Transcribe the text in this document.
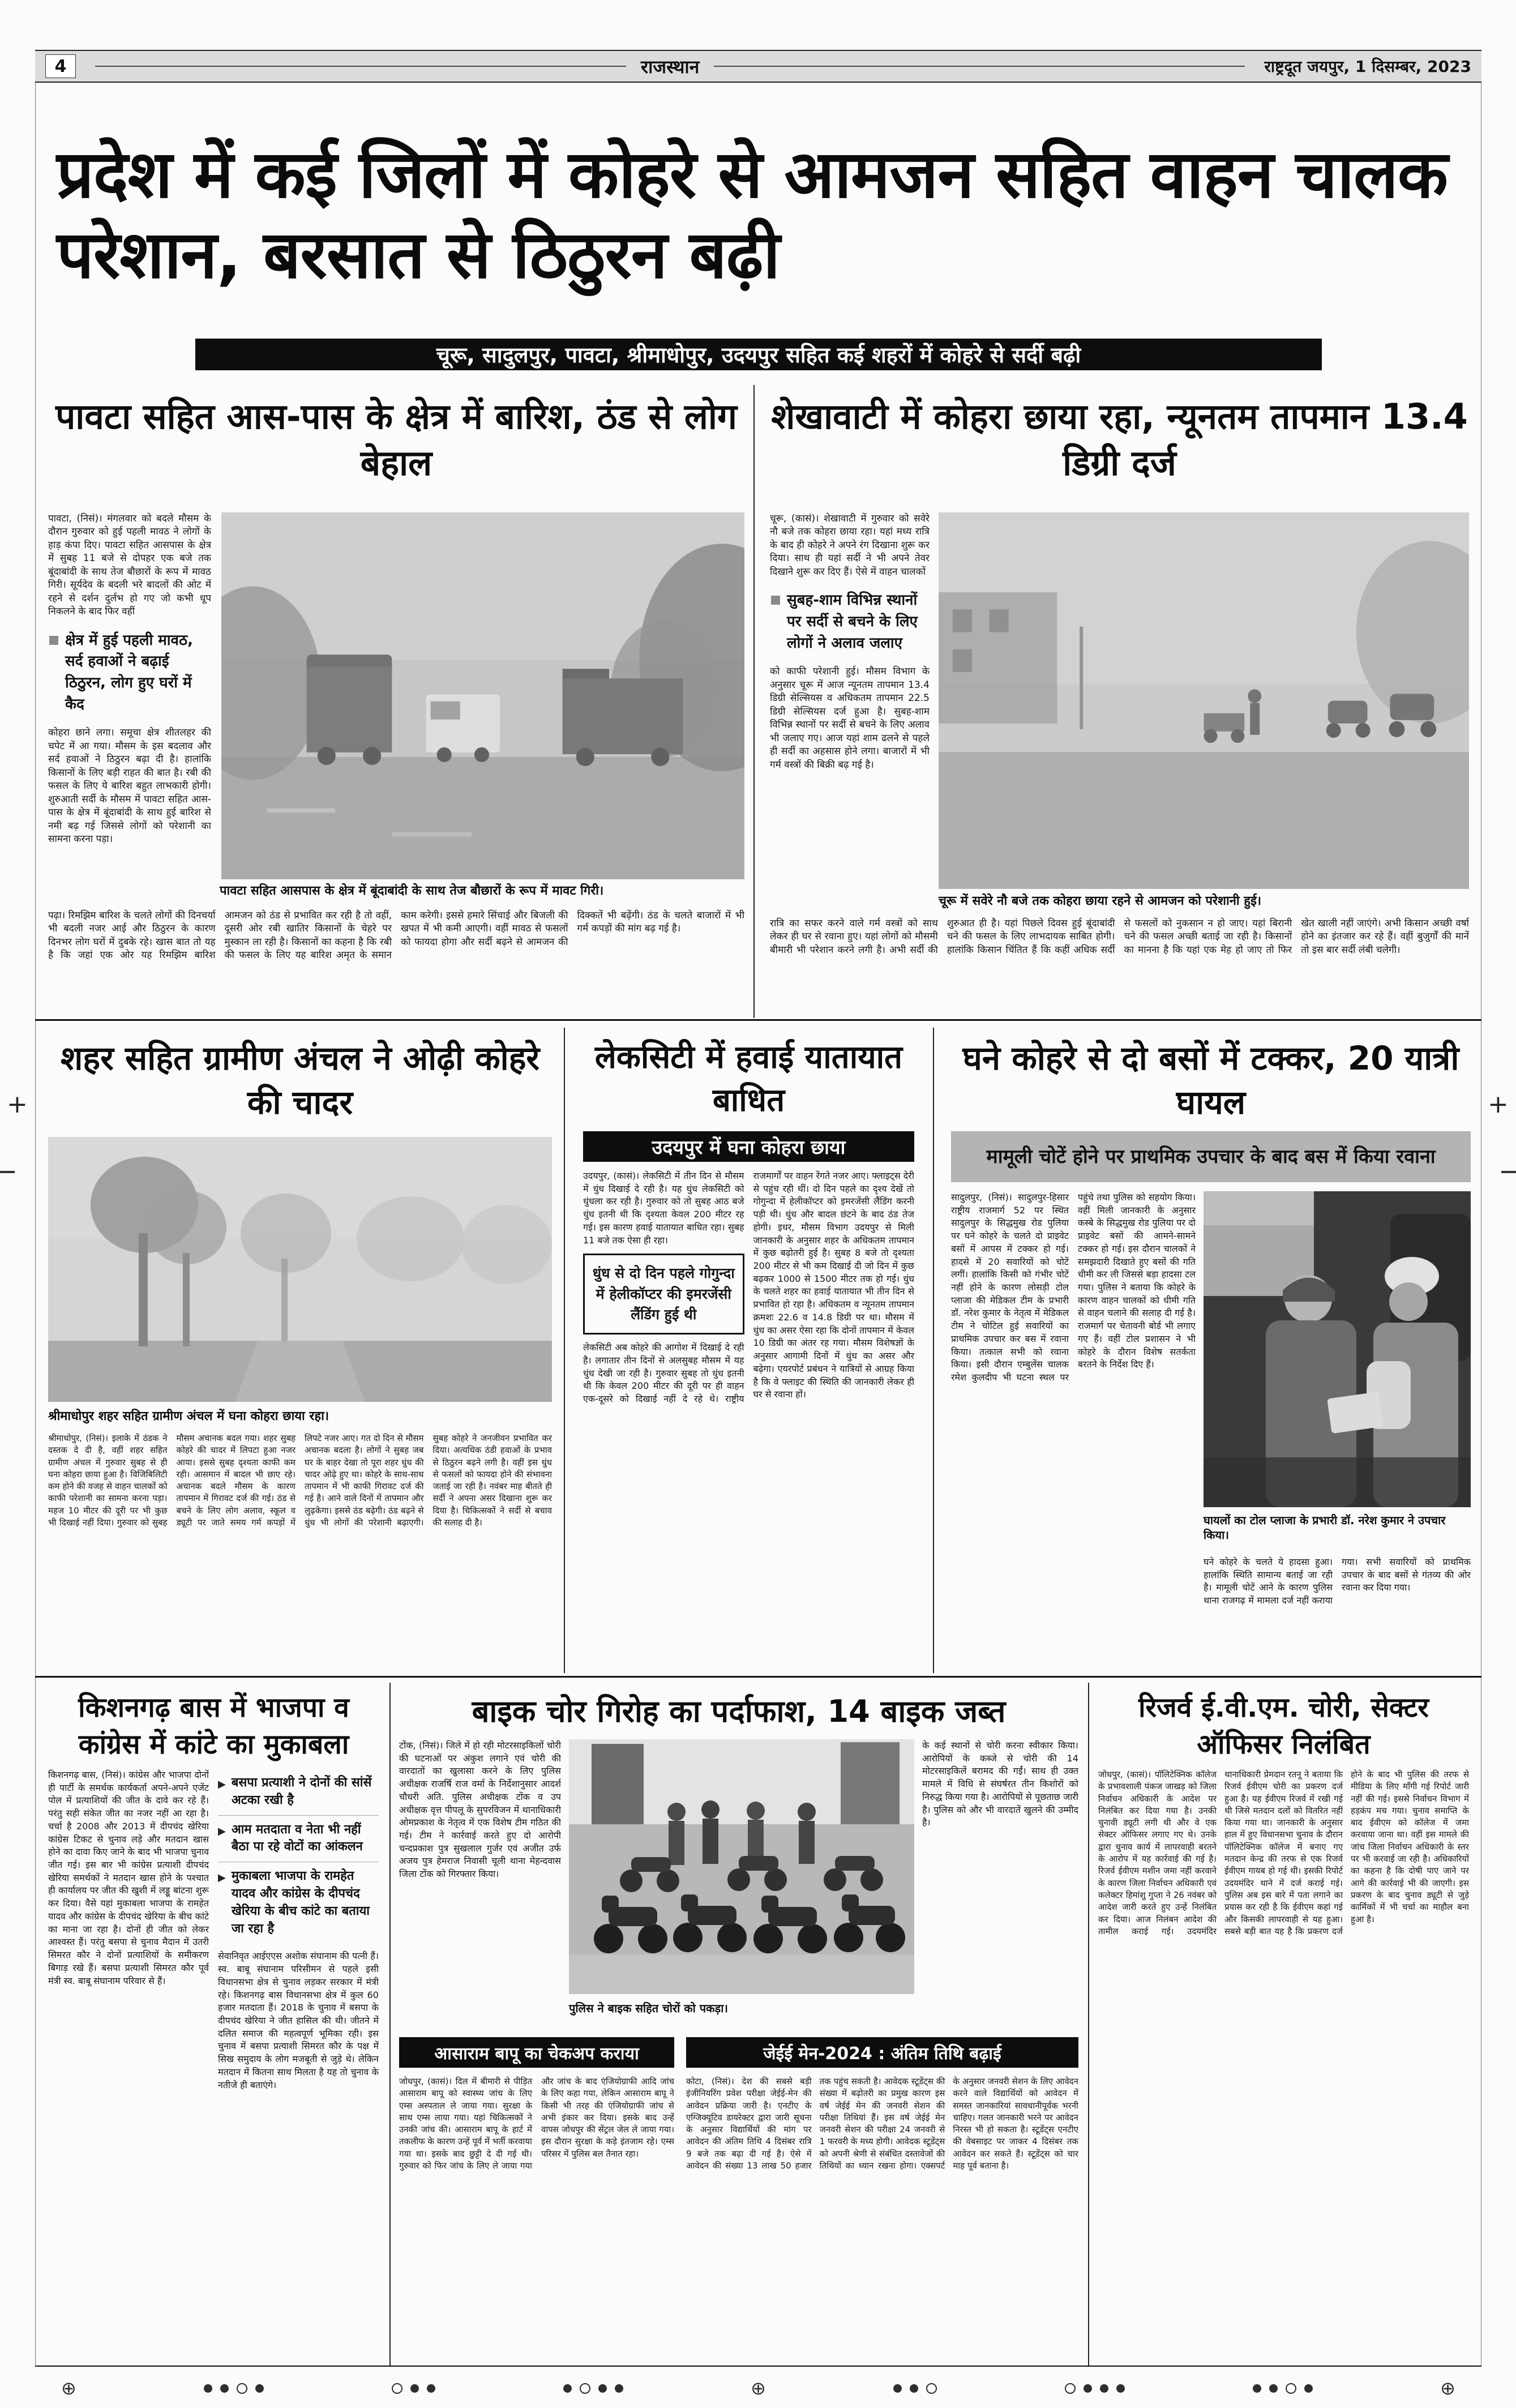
4	राजस्थान	राष्ट्रदूत जयपुर, 1 दिसम्बर, 2023
प्रदेश में कई जिलों में कोहरे से आमजन सहित वाहन चालक परेशान, बरसात से ठिठुरन बढ़ी
चूरू, सादुलपुर, पावटा, श्रीमाधोपुर, उदयपुर सहित कई शहरों में कोहरे से सर्दी बढ़ी
पावटा सहित आस-पास के क्षेत्र में बारिश, ठंड से लोग बेहाल

पावटा, (निसं)। मंगलवार को बदले मौसम के दौरान गुरुवार को हुई पहली मावठ ने लोगों के हाड़ कंपा दिए। पावटा सहित आसपास के क्षेत्र में सुबह 11 बजे से दोपहर एक बजे तक बूंदाबांदी के साथ तेज बौछारों के रूप में मावठ गिरी। सूर्यदेव के बदली भरे बादलों की ओट में रहने से दर्शन दुर्लभ हो गए जो कभी धूप निकलने के बाद फिर वहीं

क्षेत्र में हुई पहली मावठ, सर्द हवाओं ने बढ़ाई ठिठुरन, लोग हुए घरों में कैद

कोहरा छाने लगा। समूचा क्षेत्र शीतलहर की चपेट में आ गया। मौसम के इस बदलाव और सर्द हवाओं ने ठिठुरन बढ़ा दी है। हालांकि किसानों के लिए बड़ी राहत की बात है। रबी की फसल के लिए ये बारिश बहुत लाभकारी होगी। शुरुआती सर्दी के मौसम में पावटा सहित आस-पास के क्षेत्र में बूंदाबांदी के साथ हुई बारिश से नमी बढ़ गई जिससे लोगों को परेशानी का सामना करना पड़ा।

पावटा सहित आसपास के क्षेत्र में बूंदाबांदी के साथ तेज बौछारों के रूप में मावट गिरी।
पढ़ा। रिमझिम बारिश के चलते लोगों की दिनचर्या भी बदली नजर आई और ठिठुरन के कारण दिनभर लोग घरों में दुबके रहे। खास बात तो यह है कि जहां एक ओर यह रिमझिम बारिश आमजन को ठंड से प्रभावित कर रही है तो वहीं, दूसरी ओर रबी खातिर किसानों के चेहरे पर मुस्कान ला रही है। किसानों का कहना है कि रबी की फसल के लिए यह बारिश अमृत के समान काम करेगी। इससे हमारे सिंचाई और बिजली की खपत में भी कमी आएगी। वहीं मावठ से फसलों को फायदा होगा और सर्दी बढ़ने से आमजन की दिक्कतें भी बढ़ेंगी। ठंड के चलते बाजारों में भी गर्म कपड़ों की मांग बढ़ गई है।
शेखावाटी में कोहरा छाया रहा, न्यूनतम तापमान 13.4 डिग्री दर्ज

चूरू, (कासं)। शेखावाटी में गुरुवार को सवेरे नौ बजे तक कोहरा छाया रहा। यहां मध्य रात्रि के बाद ही कोहरे ने अपने रंग दिखाना शुरू कर दिया। साथ ही यहां सर्दी ने भी अपने तेवर दिखाने शुरू कर दिए हैं। ऐसे में वाहन चालकों

सुबह-शाम विभिन्न स्थानों पर सर्दी से बचने के लिए लोगों ने अलाव जलाए

को काफी परेशानी हुई। मौसम विभाग के अनुसार चूरू में आज न्यूनतम तापमान 13.4 डिग्री सेल्सियस व अधिकतम तापमान 22.5 डिग्री सेल्सियस दर्ज हुआ है। सुबह-शाम विभिन्न स्थानों पर सर्दी से बचने के लिए अलाव भी जलाए गए। आज यहां शाम ढलने से पहले ही सर्दी का अहसास होने लगा। बाजारों में भी गर्म वस्त्रों की बिक्री बढ़ गई है।

चूरू में सवेरे नौ बजे तक कोहरा छाया रहने से आमजन को परेशानी हुई।
रात्रि का सफर करने वाले गर्म वस्त्रों को साथ लेकर ही घर से रवाना हुए। यहां लोगों को मौसमी बीमारी भी परेशान करने लगी है। अभी सर्दी की शुरुआत ही है। यहां पिछले दिवस हुई बूंदाबांदी चने की फसल के लिए लाभदायक साबित होगी। हालांकि किसान चिंतित हैं कि कहीं अधिक सर्दी से फसलों को नुकसान न हो जाए। यहां बिरानी चने की फसल अच्छी बताई जा रही है। किसानों का मानना है कि यहां एक मेह हो जाए तो फिर खेत खाली नहीं जाएंगे। अभी किसान अच्छी वर्षा होने का इंतजार कर रहे हैं। वहीं बुजुर्गों की मानें तो इस बार सर्दी लंबी चलेगी।
शहर सहित ग्रामीण अंचल ने ओढ़ी कोहरे की चादर
श्रीमाधोपुर शहर सहित ग्रामीण अंचल में घना कोहरा छाया रहा।
श्रीमाधोपुर, (निसं)। इलाके में ठंडक ने दस्तक दे दी है, वहीं शहर सहित ग्रामीण अंचल में गुरुवार सुबह से ही घना कोहरा छाया हुआ है। विजिबिलिटी कम होने की वजह से वाहन चालकों को काफी परेशानी का सामना करना पड़ा। महज 10 मीटर की दूरी पर भी कुछ भी दिखाई नहीं दिया। गुरुवार को सुबह मौसम अचानक बदल गया। शहर सुबह कोहरे की चादर में लिपटा हुआ नजर आया। इससे सुबह दृश्यता काफी कम रही। आसमान में बादल भी छाए रहे। अचानक बदले मौसम के कारण तापमान में गिरावट दर्ज की गई। ठंड से बचने के लिए लोग अलाव, स्कूल व ड्यूटी पर जाते समय गर्म कपड़ों में लिपटे नजर आए। गत दो दिन से मौसम अचानक बदला है। लोगों ने सुबह जब घर के बाहर देखा तो पूरा शहर धुंध की चादर ओढ़े हुए था। कोहरे के साथ-साथ तापमान में भी काफी गिरावट दर्ज की गई है। आने वाले दिनों में तापमान और लुढ़केगा। इससे ठंड बढ़ेगी। ठंड बढ़ने से धुंध भी लोगों की परेशानी बढ़ाएगी। सुबह कोहरे ने जनजीवन प्रभावित कर दिया। अत्यधिक ठंडी हवाओं के प्रभाव से ठिठुरन बढ़ने लगी है। वहीं इस धुंध से फसलों को फायदा होने की संभावना जताई जा रही है। नवंबर माह बीतते ही सर्दी ने अपना असर दिखाना शुरू कर दिया है। चिकित्सकों ने सर्दी से बचाव की सलाह दी है।
लेकसिटी में हवाई यातायात बाधित
उदयपुर में घना कोहरा छाया
उदयपुर, (कासं)। लेकसिटी में तीन दिन से मौसम में धुंध दिखाई दे रही है। यह धुंध लेकसिटी को धुंधला कर रही है। गुरुवार को तो सुबह आठ बजे धुंध इतनी थी कि दृश्यता केवल 200 मीटर रह गई। इस कारण हवाई यातायात बाधित रहा। सुबह 11 बजे तक ऐसा ही रहा।
धुंध से दो दिन पहले गोगुन्दा में हेलीकॉप्टर की इमरजेंसी लैंडिंग हुई थी
लेकसिटी अब कोहरे की आगोश में दिखाई दे रही है। लगातार तीन दिनों से अलसुबह मौसम में यह धुंध देखी जा रही है। गुरुवार सुबह तो धुंध इतनी थी कि केवल 200 मीटर की दूरी पर ही वाहन एक-दूसरे को दिखाई नहीं दे रहे थे। राष्ट्रीय राजमार्गों पर वाहन रेंगते नजर आए। फ्लाइट्स देरी से पहुंच रही थीं। दो दिन पहले का दृश्य देखें तो गोगुन्दा में हेलीकॉप्टर को इमरजेंसी लैंडिंग करनी पड़ी थी। धुंध और बादल छंटने के बाद ठंड तेज होगी। इधर, मौसम विभाग उदयपुर से मिली जानकारी के अनुसार शहर के अधिकतम तापमान में कुछ बढ़ोतरी हुई है। सुबह 8 बजे तो दृश्यता 200 मीटर से भी कम दिखाई दी जो दिन में कुछ बढ़कर 1000 से 1500 मीटर तक हो गई। धुंध के चलते शहर का हवाई यातायात भी तीन दिन से प्रभावित हो रहा है। अधिकतम व न्यूनतम तापमान क्रमशः 22.6 व 14.8 डिग्री पर था। मौसम में धुंध का असर ऐसा रहा कि दोनों तापमान में केवल 10 डिग्री का अंतर रह गया। मौसम विशेषज्ञों के अनुसार आगामी दिनों में धुंध का असर और बढ़ेगा। एयरपोर्ट प्रबंधन ने यात्रियों से आग्रह किया है कि वे फ्लाइट की स्थिति की जानकारी लेकर ही घर से रवाना हों।
घने कोहरे से दो बसों में टक्कर, 20 यात्री घायल
मामूली चोटें होने पर प्राथमिक उपचार के बाद बस में किया रवाना
सादुलपुर, (निसं)। सादुलपुर-हिसार राष्ट्रीय राजमार्ग 52 पर स्थित सादुलपुर के सिद्धमुख रोड पुलिया पर घने कोहरे के चलते दो प्राइवेट बसों में आपस में टक्कर हो गई। हादसे में 20 सवारियों को चोटें लगीं। हालांकि किसी को गंभीर चोटें नहीं होने के कारण लोसड़ी टोल प्लाजा की मेडिकल टीम के प्रभारी डॉ. नरेश कुमार के नेतृत्व में मेडिकल टीम ने चोटिल हुई सवारियों का प्राथमिक उपचार कर बस में रवाना किया। तत्काल सभी को रवाना किया। इसी दौरान एम्बुलेंस चालक रमेश कुलदीप भी घटना स्थल पर पहुंचे तथा पुलिस को सहयोग किया। वहीं मिली जानकारी के अनुसार कस्बे के सिद्धमुख रोड पुलिया पर दो प्राइवेट बसों की आमने-सामने टक्कर हो गई। इस दौरान चालकों ने समझदारी दिखाते हुए बसों की गति धीमी कर ली जिससे बड़ा हादसा टल गया। पुलिस ने बताया कि कोहरे के कारण वाहन चालकों को धीमी गति से वाहन चलाने की सलाह दी गई है। राजमार्ग पर चेतावनी बोर्ड भी लगाए गए हैं। वहीं टोल प्रशासन ने भी कोहरे के दौरान विशेष सतर्कता बरतने के निर्देश दिए हैं।
घायलों का टोल प्लाजा के प्रभारी डॉ. नरेश कुमार ने उपचार किया।
घने कोहरे के चलते ये हादसा हुआ। हालांकि स्थिति सामान्य बताई जा रही है। मामूली चोटें आने के कारण पुलिस थाना राजगढ़ में मामला दर्ज नहीं कराया गया। सभी सवारियों को प्राथमिक उपचार के बाद बसों से गंतव्य की ओर रवाना कर दिया गया।
किशनगढ़ बास में भाजपा व कांग्रेस में कांटे का मुकाबला
किशनगढ़ बास, (निसं)। कांग्रेस और भाजपा दोनों ही पार्टी के समर्थक कार्यकर्ता अपने-अपने एजेंट पोल में प्रत्याशियों की जीत के दावे कर रहे हैं। परंतु सही संकेत जीत का नजर नहीं आ रहा है। चर्चा है 2008 और 2013 में दीपचंद खेरिया कांग्रेस टिकट से चुनाव लड़े और मतदान खास होने का दावा किए जाने के बाद भी भाजपा चुनाव जीत गई। इस बार भी कांग्रेस प्रत्याशी दीपचंद खेरिया समर्थकों ने मतदान खास होने के पश्चात ही कार्यालय पर जीत की खुशी में लड्डू बांटना शुरू कर दिया। वैसे यहां मुकाबला भाजपा के रामहेत यादव और कांग्रेस के दीपचंद खेरिया के बीच कांटे का माना जा रहा है। दोनों ही जीत को लेकर आश्वस्त हैं। परंतु बसपा से चुनाव मैदान में उतरी सिमरत कौर ने दोनों प्रत्याशियों के समीकरण बिगाड़ रखे हैं। बसपा प्रत्याशी सिमरत कौर पूर्व मंत्री स्व. बाबू संघानाम परिवार से हैं।
▶ बसपा प्रत्याशी ने दोनों की सांसें अटका रखी है
▶ आम मतदाता व नेता भी नहीं बैठा पा रहे वोटों का आंकलन
▶ मुकाबला भाजपा के रामहेत यादव और कांग्रेस के दीपचंद खेरिया के बीच कांटे का बताया जा रहा है

सेवानिवृत आईएएस अशोक संघानाम की पत्नी हैं। स्व. बाबू संघानाम परिसीमन से पहले इसी विधानसभा क्षेत्र से चुनाव लड़कर सरकार में मंत्री रहे। किशनगढ़ बास विधानसभा क्षेत्र में कुल 60 हजार मतदाता हैं। 2018 के चुनाव में बसपा के दीपचंद खेरिया ने जीत हासिल की थी। जीतने में दलित समाज की महत्वपूर्ण भूमिका रही। इस चुनाव में बसपा प्रत्याशी सिमरत कौर के पक्ष में सिख समुदाय के लोग मजबूती से जुड़े थे। लेकिन मतदान में कितना साथ मिलता है यह तो चुनाव के नतीजे ही बताएंगे।

बाइक चोर गिरोह का पर्दाफाश, 14 बाइक जब्त
टोंक, (निसं)। जिले में हो रही मोटरसाइकिलों चोरी की घटनाओं पर अंकुश लगाने एवं चोरी की वारदातों का खुलासा करने के लिए पुलिस अधीक्षक राजर्षि राज वर्मा के निर्देशानुसार आदर्श चौधरी अति. पुलिस अधीक्षक टोंक व उप अधीक्षक वृत्त पीपलू के सुपरविजन में थानाधिकारी ओमप्रकाश के नेतृत्व में एक विशेष टीम गठित की गई। टीम ने कार्रवाई करते हुए दो आरोपी चन्दप्रकाश पुत्र सुखलाल गुर्जर एवं अजीत उर्फ अजय पुत्र हेमराज निवासी चूली थाना मेहन्दवास जिला टोंक को गिरफ्तार किया।
के कई स्थानों से चोरी करना स्वीकार किया। आरोपियों के कब्जे से चोरी की 14 मोटरसाइकिलें बरामद की गईं। साथ ही उक्त मामले में विधि से संघर्षरत तीन किशोरों को निरुद्ध किया गया है। आरोपियों से पूछताछ जारी है। पुलिस को और भी वारदातें खुलने की उम्मीद है।
पुलिस ने बाइक सहित चोरों को पकड़ा।
आसाराम बापू का चेकअप कराया
जोधपुर, (कासं)। दिल में बीमारी से पीड़ित आसाराम बापू को स्वास्थ्य जांच के लिए एम्स अस्पताल ले जाया गया। सुरक्षा के साथ एम्स लाया गया। यहां चिकित्सकों ने उनकी जांच की। आसाराम बापू के हार्ट में तकलीफ के कारण उन्हें पूर्व में भर्ती करवाया गया था। इसके बाद छुट्टी दे दी गई थी। गुरुवार को फिर जांच के लिए ले जाया गया और जांच के बाद एंजियोग्राफी आदि जांच के लिए कहा गया, लेकिन आसाराम बापू ने किसी भी तरह की एंजियोग्राफी जांच से अभी इंकार कर दिया। इसके बाद उन्हें वापस जोधपुर की सेंट्रल जेल ले जाया गया। इस दौरान सुरक्षा के कड़े इंतजाम रहे। एम्स परिसर में पुलिस बल तैनात रहा।
जेईई मेन-2024 : अंतिम तिथि बढ़ाई
कोटा, (निसं)। देश की सबसे बड़ी इंजीनियरिंग प्रवेश परीक्षा जेईई-मेन की आवेदन प्रक्रिया जारी है। एनटीए के एग्जिक्यूटिव डायरेक्टर द्वारा जारी सूचना के अनुसार विद्यार्थियों की मांग पर आवेदन की अंतिम तिथि 4 दिसंबर रात्रि 9 बजे तक बढ़ा दी गई है। ऐसे में आवेदन की संख्या 13 लाख 50 हजार तक पहुंच सकती है। आवेदक स्टूडेंट्स की संख्या में बढ़ोतरी का प्रमुख कारण इस वर्ष जेईई मेन की जनवरी सेशन की परीक्षा तिथियां हैं। इस वर्ष जेईई मेन जनवरी सेशन की परीक्षा 24 जनवरी से 1 फरवरी के मध्य होगी। आवेदक स्टूडेंट्स को अपनी श्रेणी से संबंधित दस्तावेजों की तिथियों का ध्यान रखना होगा। एक्सपर्ट के अनुसार जनवरी सेशन के लिए आवेदन करने वाले विद्यार्थियों को आवेदन में समस्त जानकारियां सावधानीपूर्वक भरनी चाहिए। गलत जानकारी भरने पर आवेदन निरस्त भी हो सकता है। स्टूडेंट्स एनटीए की वेबसाइट पर जाकर 4 दिसंबर तक आवेदन कर सकते हैं। स्टूडेंट्स को चार माह पूर्व बताना है।
रिजर्व ई.वी.एम. चोरी, सेक्टर ऑफिसर निलंबित
जोधपुर, (कासं)। पॉलिटेक्निक कॉलेज के प्रभावशाली पंकज जाखड़ को जिला निर्वाचन अधिकारी के आदेश पर निलंबित कर दिया गया है। उनकी चुनावी ड्यूटी लगी थी और वे एक सेक्टर ऑफिसर लगाए गए थे। उनके द्वारा चुनाव कार्य में लापरवाही बरतने के आरोप में यह कार्रवाई की गई है। रिजर्व ईवीएम मशीन जमा नहीं करवाने के कारण जिला निर्वाचन अधिकारी एवं कलेक्टर हिमांशु गुप्ता ने 26 नवंबर को आदेश जारी करते हुए उन्हें निलंबित कर दिया। आज निलंबन आदेश की तामील कराई गई। उदयमंदिर थानाधिकारी प्रेमदान रतनू ने बताया कि रिजर्व ईवीएम चोरी का प्रकरण दर्ज हुआ है। यह ईवीएम रिजर्व में रखी गई थी जिसे मतदान दलों को वितरित नहीं किया गया था। जानकारी के अनुसार हाल में हुए विधानसभा चुनाव के दौरान पॉलिटेक्निक कॉलेज में बनाए गए मतदान केन्द्र की तरफ से एक रिजर्व ईवीएम गायब हो गई थी। इसकी रिपोर्ट उदयमंदिर थाने में दर्ज कराई गई। पुलिस अब इस बारे में पता लगाने का प्रयास कर रही है कि ईवीएम कहां गई और किसकी लापरवाही से यह हुआ। सबसे बड़ी बात यह है कि प्रकरण दर्ज होने के बाद भी पुलिस की तरफ से मीडिया के लिए माँगी गई रिपोर्ट जारी नहीं की गई। इससे निर्वाचन विभाग में हड़कंप मच गया। चुनाव समाप्ति के बाद ईवीएम को कॉलेज में जमा करवाया जाना था। वहीं इस मामले की जांच जिला निर्वाचन अधिकारी के स्तर पर भी करवाई जा रही है। अधिकारियों का कहना है कि दोषी पाए जाने पर आगे की कार्रवाई भी की जाएगी। इस प्रकरण के बाद चुनाव ड्यूटी से जुड़े कार्मिकों में भी चर्चा का माहौल बना हुआ है।
⊕	⊕	⊕
+	+
